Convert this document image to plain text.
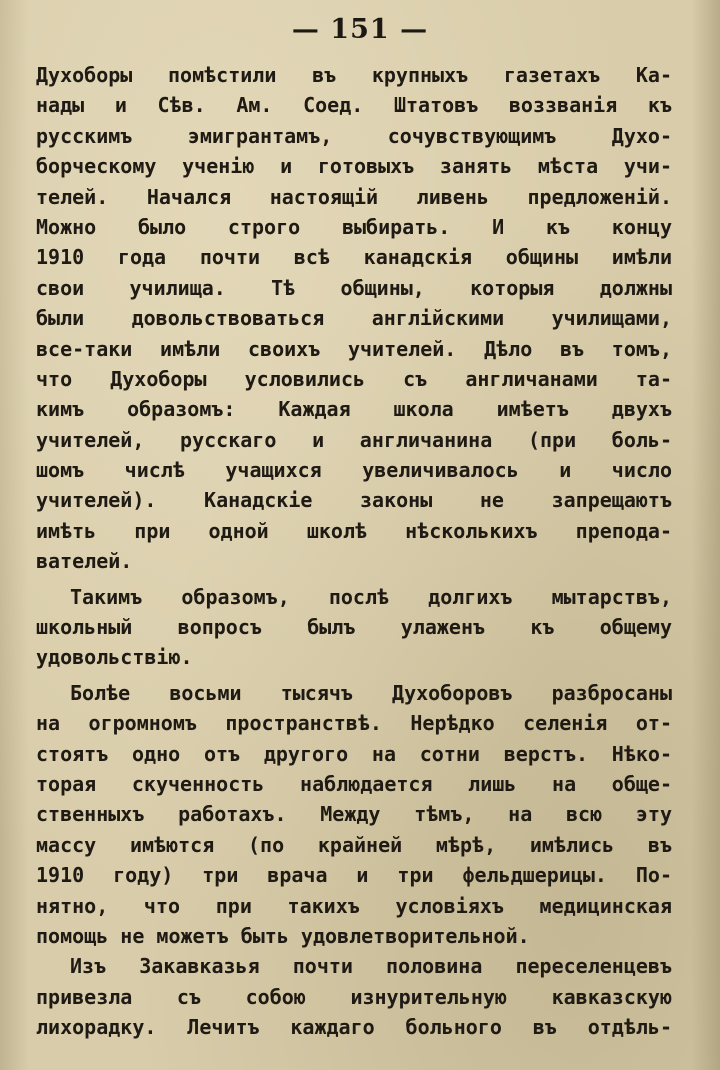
— 151 —
Духоборы помѣстили въ крупныхъ газетахъ Ка-
нады и Сѣв. Ам. Соед. Штатовъ воззванія къ
русскимъ эмигрантамъ, сочувствующимъ Духо-
борческому ученію и готовыхъ занять мѣста учи-
телей. Начался настоящій ливень предложеній.
Можно было строго выбирать. И къ концу
1910 года почти всѣ канадскія общины имѣли
свои училища. Тѣ общины, которыя должны
были довольствоваться англійскими училищами,
все-таки имѣли своихъ учителей. Дѣло въ томъ,
что Духоборы условились съ англичанами та-
кимъ образомъ: Каждая школа имѣетъ двухъ
учителей, русскаго и англичанина (при боль-
шомъ числѣ учащихся увеличивалось и число
учителей). Канадскіе законы не запрещаютъ
имѣть при одной школѣ нѣсколькихъ препода-
вателей.
Такимъ образомъ, послѣ долгихъ мытарствъ,
школьный вопросъ былъ улаженъ къ общему
удовольствію.
Болѣе восьми тысячъ Духоборовъ разбросаны
на огромномъ пространствѣ. Нерѣдко селенія от-
стоятъ одно отъ другого на сотни верстъ. Нѣко-
торая скученность наблюдается лишь на обще-
ственныхъ работахъ. Между тѣмъ, на всю эту
массу имѣются (по крайней мѣрѣ, имѣлись въ
1910 году) три врача и три фельдшерицы. По-
нятно, что при такихъ условіяхъ медицинская
помощь не можетъ быть удовлетворительной.
Изъ Закавказья почти половина переселенцевъ
привезла съ собою изнурительную кавказскую
лихорадку. Лечитъ каждаго больного въ отдѣль-
